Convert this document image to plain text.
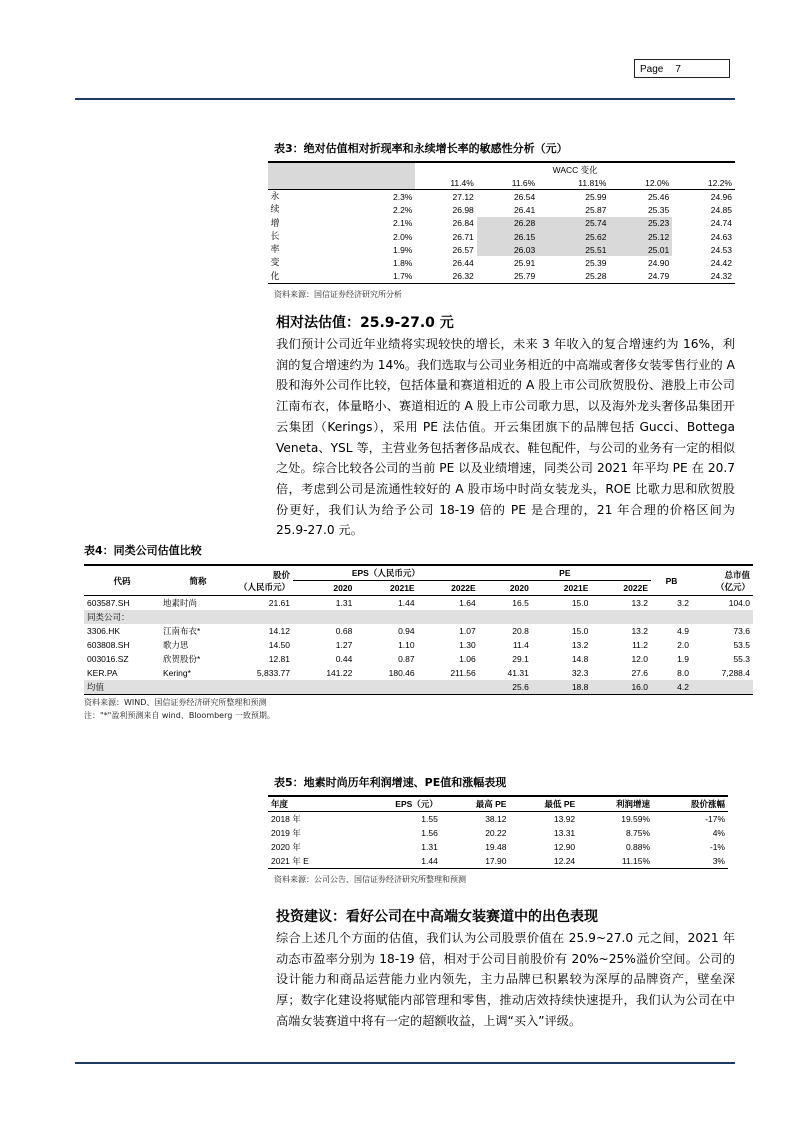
Page 7
表3：绝对估值相对折现率和永续增长率的敏感性分析（元）
		WACC 变化				
		11.4%	11.6%	11.81%	12.0%	12.2%

永续增长率变化	2.3%	27.12	26.54	25.99	25.46	24.96
	2.2%	26.98	26.41	25.87	25.35	24.85
	2.1%	26.84	26.28	25.74	25.23	24.74
	2.0%	26.71	26.15	25.62	25.12	24.63
	1.9%	26.57	26.03	25.51	25.01	24.53
	1.8%	26.44	25.91	25.39	24.90	24.42
	1.7%	26.32	25.79	25.28	24.79	24.32
资料来源：国信证券经济研究所分析
相对法估值：25.9-27.0 元
我们预计公司近年业绩将实现较快的增长，未来 3 年收入的复合增速约为 16%，利润的复合增速约为 14%。我们选取与公司业务相近的中高端或奢侈女装零售行业的 A 股和海外公司作比较，包括体量和赛道相近的 A 股上市公司欣贺股份、港股上市公司江南布衣，体量略小、赛道相近的 A 股上市公司歌力思，以及海外龙头奢侈品集团开云集团（Kerings），采用 PE 法估值。开云集团旗下的品牌包括 Gucci、Bottega Veneta、YSL 等，主营业务包括奢侈品成衣、鞋包配件，与公司的业务有一定的相似之处。综合比较各公司的当前 PE 以及业绩增速，同类公司 2021 年平均 PE 在 20.7 倍，考虑到公司是流通性较好的 A 股市场中时尚女装龙头，ROE 比歌力思和欣贺股份更好，我们认为给予公司 18-19 倍的 PE 是合理的，21 年合理的价格区间为 25.9-27.0 元。
表4：同类公司估值比较
代码	简称	股价
（人民币元）	EPS（人民币元）			PE			PB	总市值
（亿元）
			2020	2021E	2022E	2020	2021E	2022E		
603587.SH	地素时尚	21.61	1.31	1.44	1.64	16.5	15.0	13.2	3.2	104.0
同类公司：										
3306.HK	江南布衣*	14.12	0.68	0.94	1.07	20.8	15.0	13.2	4.9	73.6
603808.SH	歌力思	14.50	1.27	1.10	1.30	11.4	13.2	11.2	2.0	53.5
003016.SZ	欣贺股份*	12.81	0.44	0.87	1.06	29.1	14.8	12.0	1.9	55.3
KER.PA	Kering*	5,833.77	141.22	180.46	211.56	41.31	32.3	27.6	8.0	7,288.4
均值						25.6	18.8	16.0	4.2	
资料来源：WIND、国信证券经济研究所整理和预测
注："*"盈利预测来自 wind、Bloomberg 一致预期。
表5：地素时尚历年利润增速、PE值和涨幅表现
年度	EPS（元）	最高 PE	最低 PE	利润增速	股价涨幅
2018 年	1.55	38.12	13.92	19.59%	-17%
2019 年	1.56	20.22	13.31	8.75%	4%
2020 年	1.31	19.48	12.90	0.88%	-1%
2021 年 E	1.44	17.90	12.24	11.15%	3%
资料来源：公司公告、国信证券经济研究所整理和预测
投资建议：看好公司在中高端女装赛道中的出色表现
综合上述几个方面的估值，我们认为公司股票价值在 25.9~27.0 元之间，2021 年动态市盈率分别为 18-19 倍，相对于公司目前股价有 20%~25%溢价空间。公司的设计能力和商品运营能力业内领先，主力品牌已积累较为深厚的品牌资产，壁垒深厚；数字化建设将赋能内部管理和零售，推动店效持续快速提升，我们认为公司在中高端女装赛道中将有一定的超额收益，上调“买入”评级。
